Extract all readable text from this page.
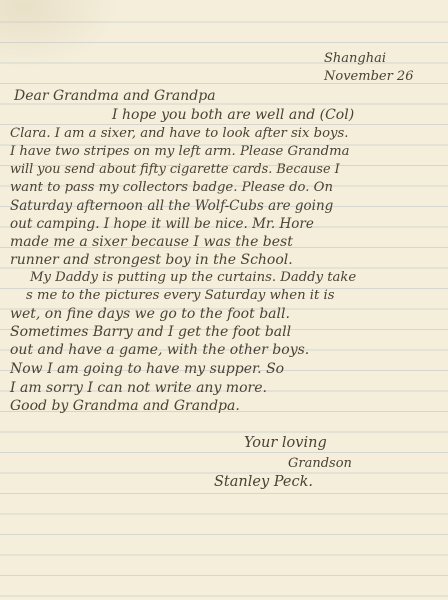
Shanghai
November 26
Dear Grandma and Grandpa
I hope you both are well and (Col)
Clara. I am a sixer, and have to look after six boys.
I have two stripes on my left arm. Please Grandma
will you send about fifty cigarette cards. Because I
want to pass my collectors badge. Please do. On
Saturday afternoon all the Wolf-Cubs are going
out camping. I hope it will be nice. Mr. Hore
made me a sixer because I was the best
runner and strongest boy in the School.
My Daddy is putting up the curtains. Daddy take
s me to the pictures every Saturday when it is
wet, on fine days we go to the foot ball.
Sometimes Barry and I get the foot ball
out and have a game, with the other boys.
Now I am going to have my supper. So
I am sorry I can not write any more.
Good by Grandma and Grandpa.
Your loving
Grandson
Stanley Peck.
